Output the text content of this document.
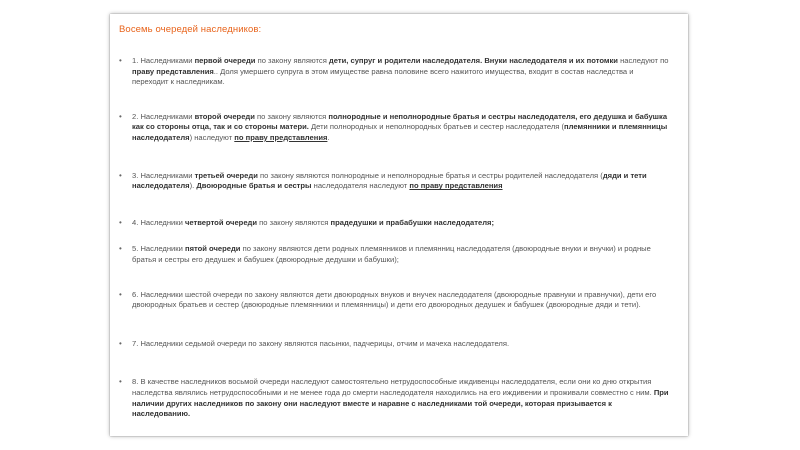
Восемь очередей наследников:
•	1. Наследниками первой очереди по закону являются дети, супруг и родители наследодателя. Внуки наследодателя и их потомки наследуют по праву представления.. Доля умершего супруга в этом имуществе равна половине всего нажитого имущества, входит в состав наследства и переходит к наследникам.
•	2. Наследниками второй очереди по закону являются полнородные и неполнородные братья и сестры наследодателя, его дедушка и бабушка как со стороны отца, так и со стороны матери. Дети полнородных и неполнородных братьев и сестер наследодателя (племянники и племянницы наследодателя) наследуют по праву представления.
•	3. Наследниками третьей очереди по закону являются полнородные и неполнородные братья и сестры родителей наследодателя (дяди и тети наследодателя). Двоюродные братья и сестры наследодателя наследуют по праву представления
•	4. Наследники четвертой очереди по закону являются прадедушки и прабабушки наследодателя;
•	5. Наследники пятой очереди по закону являются дети родных племянников и племянниц наследодателя (двоюродные внуки и внучки) и родные братья и сестры его дедушек и бабушек (двоюродные дедушки и бабушки);
•	6. Наследники шестой очереди по закону являются дети двоюродных внуков и внучек наследодателя (двоюродные правнуки и правнучки), дети его двоюродных братьев и сестер (двоюродные племянники и племянницы) и дети его двоюродных дедушек и бабушек (двоюродные дяди и тети).
•	7. Наследники седьмой очереди по закону являются пасынки, падчерицы, отчим и мачеха наследодателя.
•	8. В качестве наследников восьмой очереди наследуют самостоятельно нетрудоспособные иждивенцы наследодателя, если они ко дню открытия наследства являлись нетрудоспособными и не менее года до смерти наследодателя находились на его иждивении и проживали совместно с ним. При наличии других наследников по закону они наследуют вместе и наравне с наследниками той очереди, которая призывается к наследованию.
